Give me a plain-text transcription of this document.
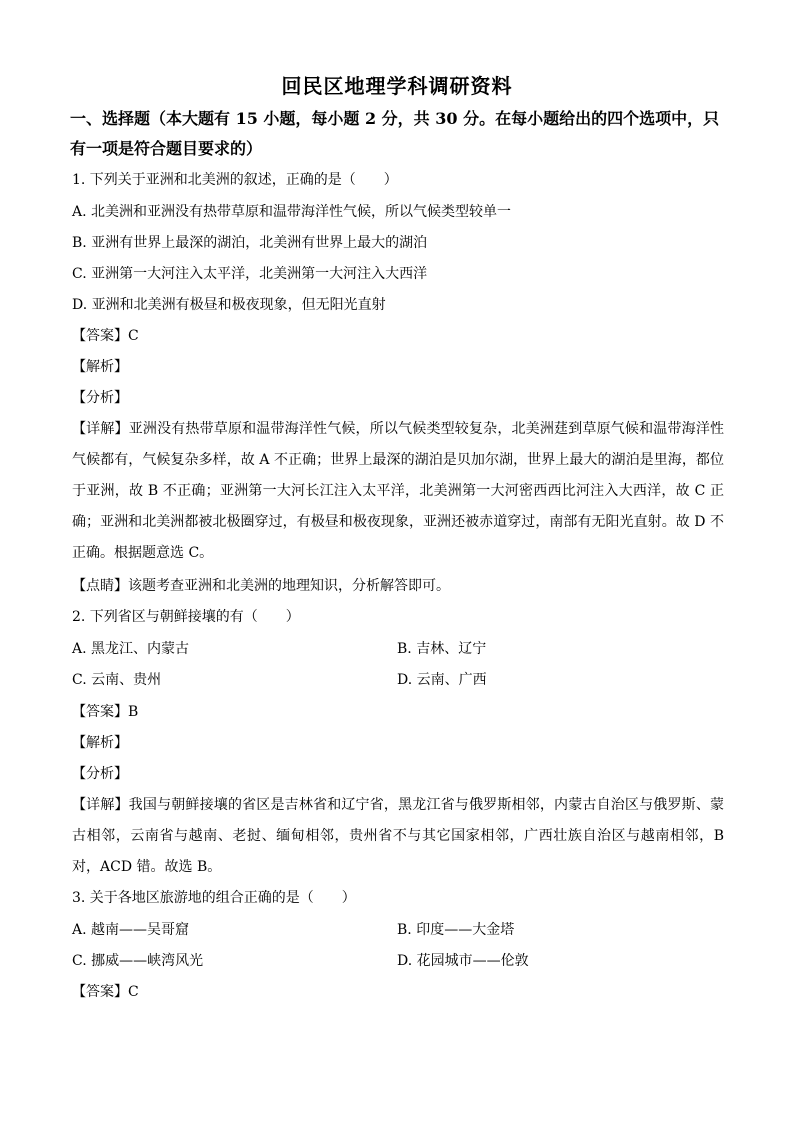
回民区地理学科调研资料
一、选择题（本大题有 15 小题，每小题 2 分，共 30 分。在每小题给出的四个选项中，只有一项是符合题目要求的）
1. 下列关于亚洲和北美洲的叙述，正确的是（　　）
A. 北美洲和亚洲没有热带草原和温带海洋性气候，所以气候类型较单一
B. 亚洲有世界上最深的湖泊，北美洲有世界上最大的湖泊
C. 亚洲第一大河注入太平洋，北美洲第一大河注入大西洋
D. 亚洲和北美洲有极昼和极夜现象，但无阳光直射
【答案】C
【解析】
【分析】
【详解】亚洲没有热带草原和温带海洋性气候，所以气候类型较复杂，北美洲莛到草原气候和温带海洋性气候都有，气候复杂多样，故 A 不正确；世界上最深的湖泊是贝加尔湖，世界上最大的湖泊是里海，都位于亚洲，故 B 不正确；亚洲第一大河长江注入太平洋，北美洲第一大河密西西比河注入大西洋，故 C 正确；亚洲和北美洲都被北极圈穿过，有极昼和极夜现象，亚洲还被赤道穿过，南部有无阳光直射。故 D 不正确。根据题意选 C。
【点睛】该题考查亚洲和北美洲的地理知识，分析解答即可。
2. 下列省区与朝鲜接壤的有（　　）
A. 黑龙江、内蒙古	B. 吉林、辽宁
C. 云南、贵州	D. 云南、广西
【答案】B
【解析】
【分析】
【详解】我国与朝鲜接壤的省区是吉林省和辽宁省，黑龙江省与俄罗斯相邻，内蒙古自治区与俄罗斯、蒙古相邻，云南省与越南、老挝、缅甸相邻，贵州省不与其它国家相邻，广西壮族自治区与越南相邻，B 对，ACD 错。故选 B。
3. 关于各地区旅游地的组合正确的是（　　）
A. 越南——吴哥窟	B. 印度——大金塔
C. 挪威——峡湾风光	D. 花园城市——伦敦
【答案】C
